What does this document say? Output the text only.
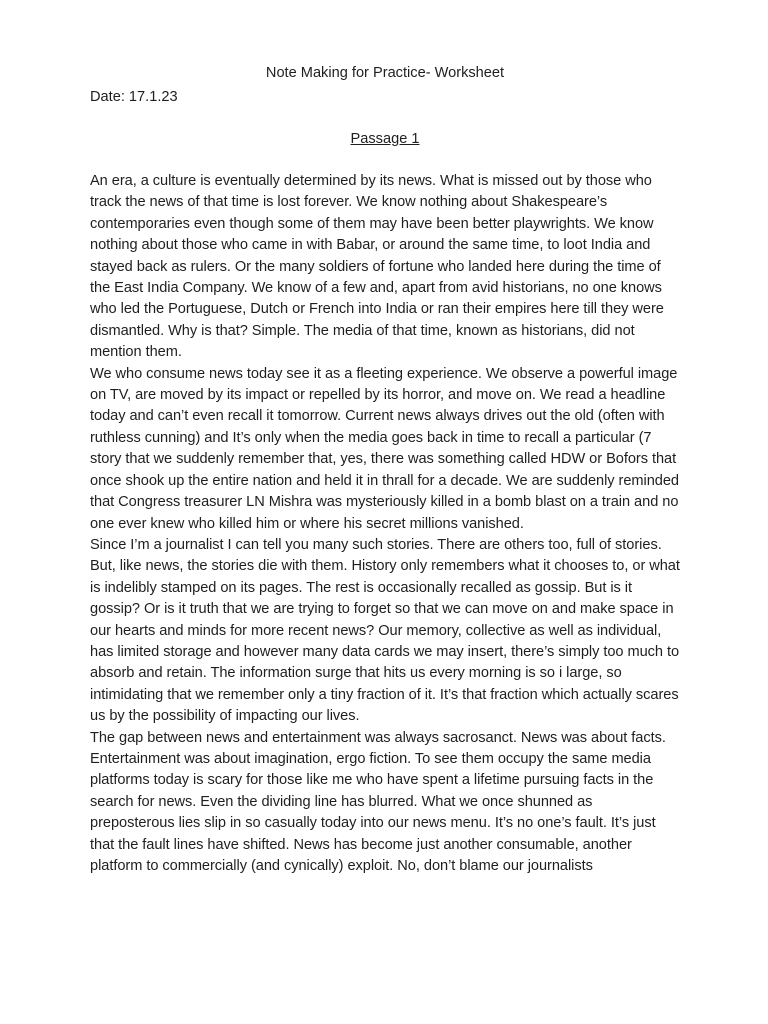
Note Making for Practice- Worksheet

Date: 17.1.23

Passage 1

An era, a culture is eventually determined by its news. What is missed out by those who track the news of that time is lost forever. We know nothing about Shakespeare’s contemporaries even though some of them may have been better playwrights. We know nothing about those who came in with Babar, or around the same time, to loot India and stayed back as rulers. Or the many soldiers of fortune who landed here during the time of the East India Company. We know of a few and, apart from avid historians, no one knows who led the Portuguese, Dutch or French into India or ran their empires here till they were dismantled. Why is that? Simple. The media of that time, known as historians, did not mention them.

We who consume news today see it as a fleeting experience. We observe a powerful image on TV, are moved by its impact or repelled by its horror, and move on. We read a headline today and can’t even recall it tomorrow. Current news always drives out the old (often with ruthless cunning) and It’s only when the media goes back in time to recall a particular (7 story that we suddenly remember that, yes, there was something called HDW or Bofors that once shook up the entire nation and held it in thrall for a decade. We are suddenly reminded that Congress treasurer LN Mishra was mysteriously killed in a bomb blast on a train and no one ever knew who killed him or where his secret millions vanished.

Since I’m a journalist I can tell you many such stories. There are others too, full of stories.

But, like news, the stories die with them. History only remembers what it chooses to, or what is indelibly stamped on its pages. The rest is occasionally recalled as gossip. But is it gossip? Or is it truth that we are trying to forget so that we can move on and make space in our hearts and minds for more recent news? Our memory, collective as well as individual, has limited storage and however many data cards we may insert, there’s simply too much to absorb and retain. The information surge that hits us every morning is so i large, so intimidating that we remember only a tiny fraction of it. It’s that fraction which actually scares us by the possibility of impacting our lives.

The gap between news and entertainment was always sacrosanct. News was about facts. Entertainment was about imagination, ergo fiction. To see them occupy the same media platforms today is scary for those like me who have spent a lifetime pursuing facts in the search for news. Even the dividing line has blurred. What we once shunned as preposterous lies slip in so casually today into our news menu. It’s no one’s fault. It’s just that the fault lines have shifted. News has become just another consumable, another platform to commercially (and cynically) exploit. No, don’t blame our journalists
